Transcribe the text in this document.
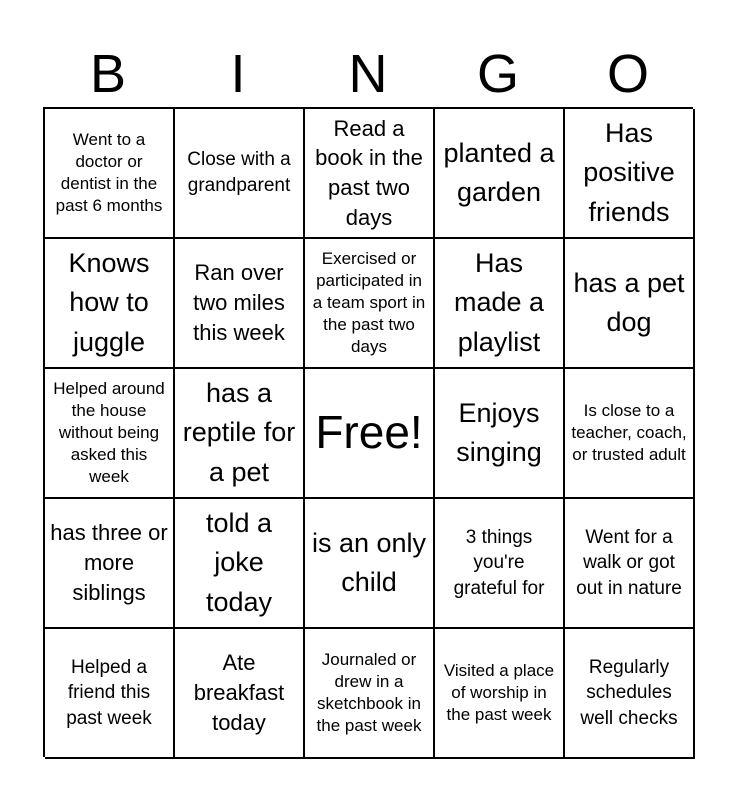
B	I	N	G	O
Went to a doctor or dentist in the past 6 months
Close with a grandparent
Read a book in the past two days
planted a garden
Has positive friends
Knows how to juggle
Ran over two miles this week
Exercised or participated in a team sport in the past two days
Has made a playlist
has a pet dog
Helped around the house without being asked this week
has a reptile for a pet
Free!	Enjoys singing
Is close to a teacher, coach, or trusted adult
has three or more siblings
told a joke today
is an only child
3 things you're grateful for
Went for a walk or got out in nature
Helped a friend this past week
Ate breakfast today
Journaled or drew in a sketchbook in the past week
Visited a place of worship in the past week
Regularly schedules well checks
